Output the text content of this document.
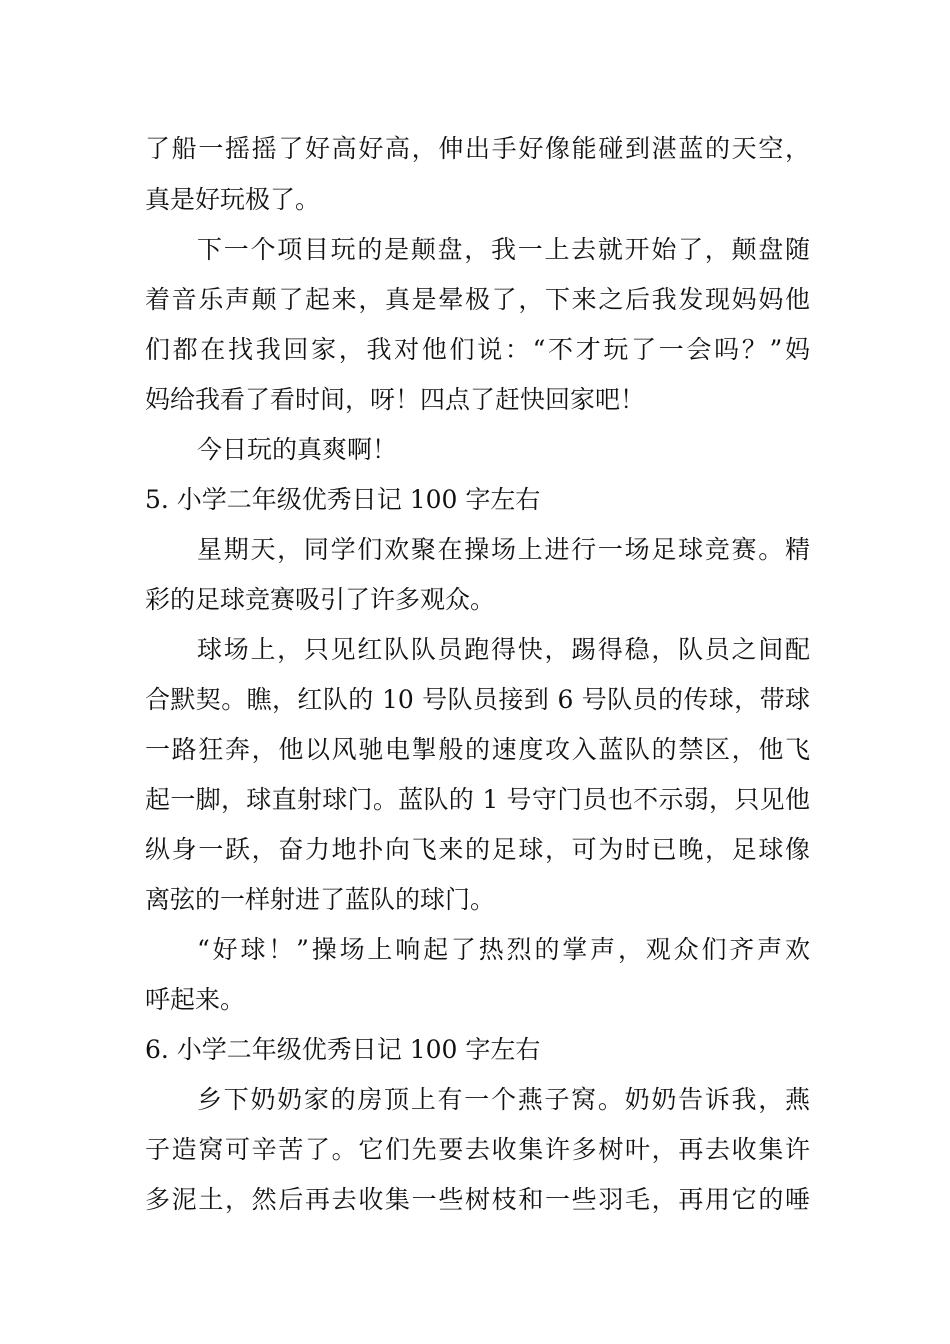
了船一摇摇了好高好高，伸出手好像能碰到湛蓝的天空，
真是好玩极了。
下一个项目玩的是颠盘，我一上去就开始了，颠盘随
着音乐声颠了起来，真是晕极了，下来之后我发现妈妈他
们都在找我回家，我对他们说：“不才玩了一会吗？”妈
妈给我看了看时间，呀！四点了赶快回家吧！
今日玩的真爽啊！
5. 小学二年级优秀日记 100 字左右
星期天，同学们欢聚在操场上进行一场足球竞赛。精
彩的足球竞赛吸引了许多观众。
球场上，只见红队队员跑得快，踢得稳，队员之间配
合默契。瞧，红队的 10 号队员接到 6 号队员的传球，带球
一路狂奔，他以风驰电掣般的速度攻入蓝队的禁区，他飞
起一脚，球直射球门。蓝队的 1 号守门员也不示弱，只见他
纵身一跃，奋力地扑向飞来的足球，可为时已晚，足球像
离弦的一样射进了蓝队的球门。
“好球！”操场上响起了热烈的掌声，观众们齐声欢
呼起来。
6. 小学二年级优秀日记 100 字左右
乡下奶奶家的房顶上有一个燕子窝。奶奶告诉我，燕
子造窝可辛苦了。它们先要去收集许多树叶，再去收集许
多泥土，然后再去收集一些树枝和一些羽毛，再用它的唾
